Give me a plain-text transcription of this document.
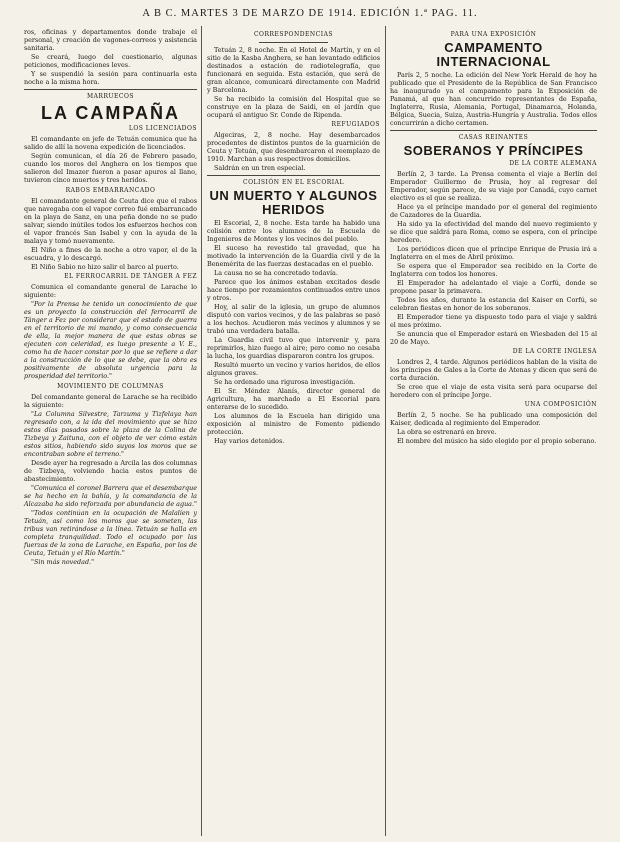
A B C. MARTES 3 DE MARZO DE 1914. EDICIÓN 1.ª PAG. 11.

ros, oficinas y departamentos donde trabaje el personal, y creación de vagones-correos y asistencia sanitaria.

Se creará, luego del cuestionario, algunas peticiones, modificaciones leves.

Y se suspendió la sesión para continuarla esta noche a la misma hora.

MARRUECOS
LA CAMPAÑA
LOS LICENCIADOS

El comandante en jefe de Tetuán comunica que ha salido de allí la novena expedición de licenciados.

Según comunican, el día 26 de Febrero pasado, cuando los moros del Anghera en los tiempos que salieron del Imazer fueron a pasar apuros al llano, tuvieron cinco muertos y tres heridos.

RABOS EMBARRANCADO

El comandante general de Ceuta dice que el rabos que navegaba con el vapor correo fué embarrancado en la playa de Sanz, en una peña donde no se pudo salvar, siendo inútiles todos los esfuerzos hechos con el vapor francés San Isabel y con la ayuda de la malaya y tomó nuevamente.

El Niño a fines de la noche a otro vapor, el de la escuadra, y lo descargó.

El Niño Sabio no hizo salir el barco al puerto.

EL FERROCARRIL DE TÁNGER A FEZ

Comunica el comandante general de Larache lo siguiente:

"Por la Prensa he tenido un conocimiento de que es un proyecto la construcción del ferrocarril de Tánger a Fez por considerar que el estado de guerra en el territorio de mi mando, y como consecuencia de ella, la mejor manera de que estas obras se ejecuten con celeridad, es luego presente a V. E., como ha de hacer constar por lo que se refiere a dar a la construcción de lo que se debe, que la obra es positivamente de absoluta urgencia para la prosperidad del territorio."

MOVIMIENTO DE COLUMNAS

Del comandante general de Larache se ha recibido la siguiente:

"La Columna Silvestre, Tarzuma y Tizfelaya han regresado con, a la ida del movimiento que se hizo estos días pasados sobre la plaza de la Colina de Tizbeya y Zaituna, con el objeto de ver cómo están estos sitios, habiendo sido suyos los moros que se encontraban sobre el terreno."

Desde ayer ha regresado a Arcila las dos columnas de Tizbeya, volviendo hacia estos puntos de abastecimiento.

"Comunica el coronel Barrera que el desembarque se ha hecho en la bahía, y la comandancia de la Alcazaba ha sido reforzada por abundancia de agua."

"Todos continúan en la ocupación de Malalíen y Tetuán, así como los moros que se someten, las tribus van retirándose a la línea. Tetuán se halla en completa tranquilidad. Todo el ocupado por las fuerzas de la zona de Larache, en España, por los de Ceuta, Tetuán y el Río Martín."

"Sin más novedad."

CORRESPONDENCIAS

Tetuán 2, 8 noche. En el Hotel de Martín, y en el sitio de la Kasba Anghera, se han levantado edificios destinados a estación de radiotelegrafía, que funcionará en seguida. Esta estación, que será de gran alcance, comunicará directamente con Madrid y Barcelona.

Se ha recibido la comisión del Hospital que se construye en la plaza de Saidi, en el jardín que ocupará el antiguo Sr. Conde de Ripenda.

REFUGIADOS

Algeciras, 2, 8 noche. Hay desembarcados procedentes de distintos puntos de la guarnición de Ceuta y Tetuán, que desembarcaron el reemplazo de 1910. Marchan a sus respectivos domicilios.

Saldrán en un tren especial.

COLISIÓN EN EL ESCORIAL
UN MUERTO Y ALGUNOS HERIDOS

El Escorial, 2, 8 noche. Esta tarde ha habido una colisión entre los alumnos de la Escuela de Ingenieros de Montes y los vecinos del pueblo.

El suceso ha revestido tal gravedad, que ha motivado la intervención de la Guardia civil y de la Benemérita de las fuerzas destacadas en el pueblo.

La causa no se ha concretado todavía.

Parece que los ánimos estaban excitados desde hace tiempo por rozamientos continuados entre unos y otros.

Hoy, al salir de la iglesia, un grupo de alumnos disputó con varios vecinos, y de las palabras se pasó a los hechos. Acudieron más vecinos y alumnos y se trabó una verdadera batalla.

La Guardia civil tuvo que intervenir y, para reprimirlos, hizo fuego al aire; pero como no cesaba la lucha, los guardias dispararon contra los grupos.

Resultó muerto un vecino y varios heridos, de ellos algunos graves.

Se ha ordenado una rigurosa investigación.

El Sr. Méndez Alanís, director general de Agricultura, ha marchado a El Escorial para enterarse de lo sucedido.

Los alumnos de la Escuela han dirigido una exposición al ministro de Fomento pidiendo protección.

Hay varios detenidos.

PARA UNA EXPOSICIÓN
CAMPAMENTO INTERNACIONAL

París 2, 5 noche. La edición del New York Herald de hoy ha publicado que el Presidente de la República de San Francisco ha inaugurado ya el campamento para la Exposición de Panamá, al que han concurrido representantes de España, Inglaterra, Rusia, Alemania, Portugal, Dinamarca, Holanda, Bélgica, Suecia, Suiza, Austria-Hungría y Australia. Todos ellos concurrirán a dicho certamen.

CASAS REINANTES
SOBERANOS Y PRÍNCIPES
DE LA CORTE ALEMANA

Berlín 2, 3 tarde. La Prensa comenta el viaje a Berlín del Emperador Guillermo de Prusia, hoy al regresar del Emperador, según parece, de su viaje por Canadá, cuyo carnet electivo es el que se realiza.

Hace ya el príncipe mandado por el general del regimiento de Cazadores de la Guardia.

Ha sido ya la efectividad del mando del nuevo regimiento y se dice que saldrá para Roma, como se espera, con el príncipe heredero.

Los periódicos dicen que el príncipe Enrique de Prusia irá a Inglaterra en el mes de Abril próximo.

Se espera que el Emperador sea recibido en la Corte de Inglaterra con todos los honores.

El Emperador ha adelantado el viaje a Corfú, donde se propone pasar la primavera.

Todos los años, durante la estancia del Kaiser en Corfú, se celebran fiestas en honor de los soberanos.

El Emperador tiene ya dispuesto todo para el viaje y saldrá el mes próximo.

Se anuncia que el Emperador estará en Wiesbaden del 15 al 20 de Mayo.

DE LA CORTE INGLESA

Londres 2, 4 tarde. Algunos periódicos hablan de la visita de los príncipes de Gales a la Corte de Atenas y dicen que será de corta duración.

Se cree que el viaje de esta visita será para ocuparse del heredero con el príncipe Jorge.

UNA COMPOSICIÓN

Berlín 2, 5 noche. Se ha publicado una composición del Kaiser, dedicada al regimiento del Emperador.

La obra se estrenará en breve.

El nombre del músico ha sido elegido por el propio soberano.
